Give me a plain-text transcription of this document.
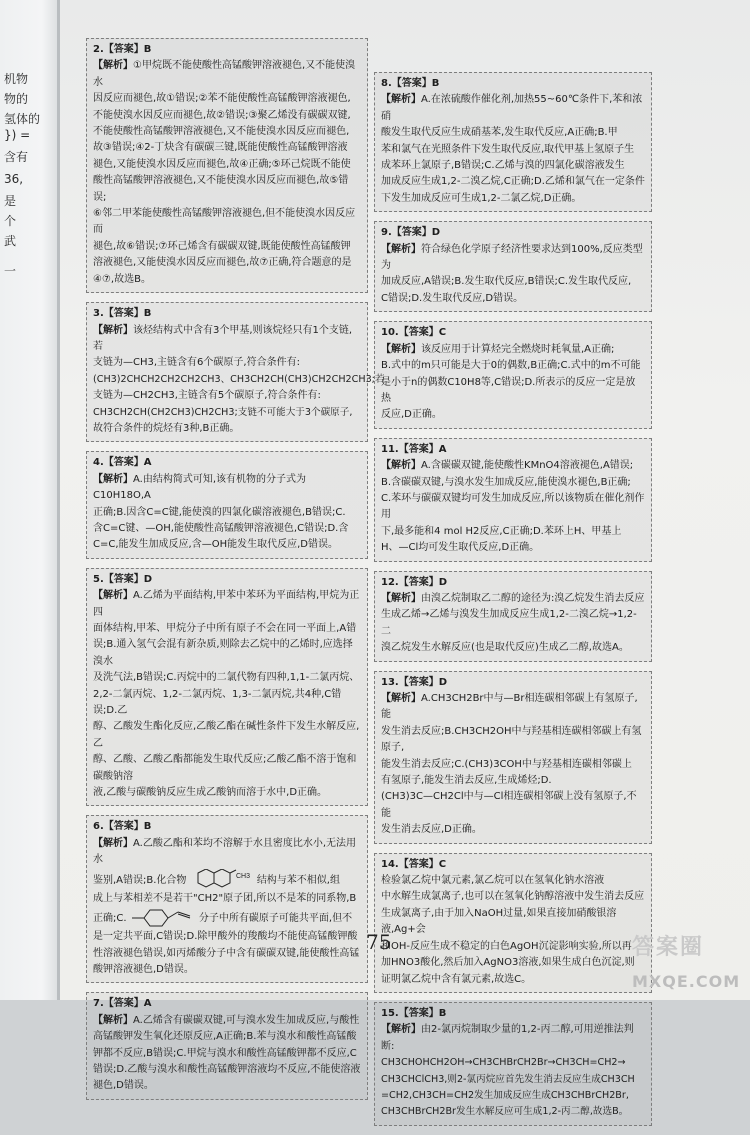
机物
物的
氢体的
}) =
含有
36,
是
个
武
一
2.【答案】B
【解析】①甲烷既不能使酸性高锰酸钾溶液褪色,又不能使溴水
因反应而褪色,故①错误;②苯不能使酸性高锰酸钾溶液褪色,
不能使溴水因反应而褪色,故②错误;③聚乙烯没有碳碳双键,
不能使酸性高锰酸钾溶液褪色,又不能使溴水因反应而褪色,
故③错误;④2-丁炔含有碳碳三键,既能使酸性高锰酸钾溶液
褪色,又能使溴水因反应而褪色,故④正确;⑤环己烷既不能使
酸性高锰酸钾溶液褪色,又不能使溴水因反应而褪色,故⑤错误;
⑥邻二甲苯能使酸性高锰酸钾溶液褪色,但不能使溴水因反应而
褪色,故⑥错误;⑦环己烯含有碳碳双键,既能使酸性高锰酸钾
溶液褪色,又能使溴水因反应而褪色,故⑦正确,符合题意的是④⑦,故选B。
3.【答案】B
【解析】该烃结构式中含有3个甲基,则该烷烃只有1个支链,若
支链为—CH3,主链含有6个碳原子,符合条件有:
(CH3)2CHCH2CH2CH2CH3、CH3CH2CH(CH3)CH2CH2CH3;若
支链为—CH2CH3,主链含有5个碳原子,符合条件有:
CH3CH2CH(CH2CH3)CH2CH3;支链不可能大于3个碳原子,
故符合条件的烷烃有3种,B正确。
4.【答案】A
【解析】A.由结构简式可知,该有机物的分子式为C10H18O,A
正确;B.因含C=C键,能使溴的四氯化碳溶液褪色,B错误;C.
含C=C键、—OH,能使酸性高锰酸钾溶液褪色,C错误;D.含
C=C,能发生加成反应,含—OH能发生取代反应,D错误。
5.【答案】D
【解析】A.乙烯为平面结构,甲苯中苯环为平面结构,甲烷为正四
面体结构,甲苯、甲烷分子中所有原子不会在同一平面上,A错
误;B.通入氢气会混有新杂质,则除去乙烷中的乙烯时,应选择溴水
及洗气法,B错误;C.丙烷中的二氯代物有四种,1,1-二氯丙烷、
2,2-二氯丙烷、1,2-二氯丙烷、1,3-二氯丙烷,共4种,C错误;D.乙
醇、乙酸发生酯化反应,乙酸乙酯在碱性条件下发生水解反应,乙
醇、乙酸、乙酸乙酯都能发生取代反应;乙酸乙酯不溶于饱和碳酸钠溶
液,乙酸与碳酸钠反应生成乙酸钠而溶于水中,D正确。
6.【答案】B
【解析】A.乙酸乙酯和苯均不溶解于水且密度比水小,无法用水
鉴别,A错误;B.化合物	CH3 结构与苯不相似,组
成上与苯相差不是若干"CH2"原子团,所以不是苯的同系物,B
正确;C.	分子中所有碳原子可能共平面,但不
是一定共平面,C错误;D.除甲酸外的羧酸均不能使高锰酸钾酸
性溶液褪色错误,如丙烯酸分子中含有碳碳双键,能使酸性高锰
酸钾溶液褪色,D错误。
7.【答案】A
【解析】A.乙烯含有碳碳双键,可与溴水发生加成反应,与酸性
高锰酸钾发生氧化还原反应,A正确;B.苯与溴水和酸性高锰酸
钾都不反应,B错误;C.甲烷与溴水和酸性高锰酸钾都不反应,C
错误;D.乙酸与溴水和酸性高锰酸钾溶液均不反应,不能使溶液
褪色,D错误。
8.【答案】B
【解析】A.在浓硫酸作催化剂,加热55~60℃条件下,苯和浓硝
酸发生取代反应生成硝基苯,发生取代反应,A正确;B.甲
苯和氯气在光照条件下发生取代反应,取代甲基上氢原子生
成苯环上氯原子,B错误;C.乙烯与溴的四氯化碳溶液发生
加成反应生成1,2-二溴乙烷,C正确;D.乙烯和氯气在一定条件
下发生加成反应可生成1,2-二氯乙烷,D正确。
9.【答案】D
【解析】符合绿色化学原子经济性要求达到100%,反应类型为
加成反应,A错误;B.发生取代反应,B错误;C.发生取代反应,
C错误;D.发生取代反应,D错误。
10.【答案】C
【解析】该反应用于计算烃完全燃烧时耗氧量,A正确;
B.式中的m只可能是大于0的偶数,B正确;C.式中的m不可能
是小于n的偶数C10H8等,C错误;D.所表示的反应一定是放热
反应,D正确。
11.【答案】A
【解析】A.含碳碳双键,能使酸性KMnO4溶液褪色,A错误;
B.含碳碳双键,与溴水发生加成反应,能使溴水褪色,B正确;
C.苯环与碳碳双键均可发生加成反应,所以该物质在催化剂作用
下,最多能和4 mol H2反应,C正确;D.苯环上H、甲基上
H、—Cl均可发生取代反应,D正确。
12.【答案】D
【解析】由溴乙烷制取乙二醇的途径为:溴乙烷发生消去反应
生成乙烯→乙烯与溴发生加成反应生成1,2-二溴乙烷→1,2-二
溴乙烷发生水解反应(也是取代反应)生成乙二醇,故选A。
13.【答案】D
【解析】A.CH3CH2Br中与—Br相连碳相邻碳上有氢原子,能
发生消去反应;B.CH3CH2OH中与羟基相连碳相邻碳上有氢原子,
能发生消去反应;C.(CH3)3COH中与羟基相连碳相邻碳上
有氢原子,能发生消去反应,生成烯烃;D.
(CH3)3C—CH2Cl中与—Cl相连碳相邻碳上没有氢原子,不能
发生消去反应,D正确。
14.【答案】C
检验氯乙烷中氯元素,氯乙烷可以在氢氧化钠水溶液
中水解生成氯离子,也可以在氢氧化钠醇溶液中发生消去反应
生成氯离子,由于加入NaOH过量,如果直接加硝酸银溶液,Ag+会
和OH-反应生成不稳定的白色AgOH沉淀影响实验,所以再
加HNO3酸化,然后加入AgNO3溶液,如果生成白色沉淀,则
证明氯乙烷中含有氯元素,故选C。
15.【答案】B
【解析】由2-氯丙烷制取少量的1,2-丙二醇,可用逆推法判断:
CH3CHOHCH2OH→CH3CHBrCH2Br→CH3CH=CH2→
CH3CHClCH3,则2-氯丙烷应首先发生消去反应生成CH3CH
=CH2,CH3CH=CH2发生加成反应生成CH3CHBrCH2Br,
CH3CHBrCH2Br发生水解反应可生成1,2-丙二醇,故选B。
75	答案圈
MXQE.COM
